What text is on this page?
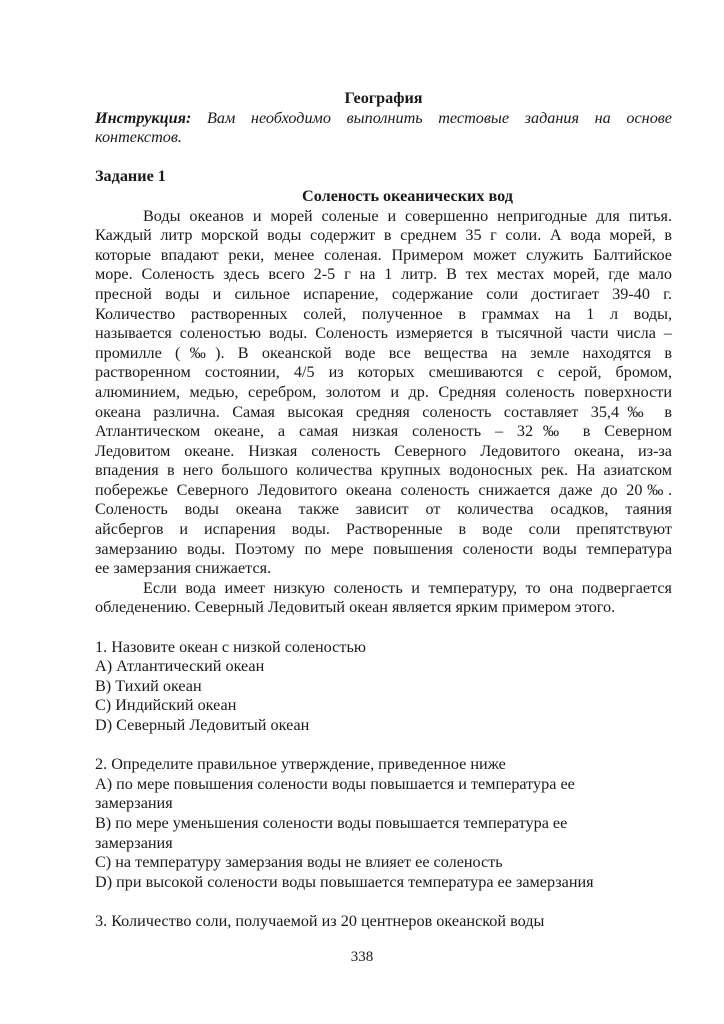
География
Инструкция: Вам необходимо выполнить тестовые задания на основе
контекстов.
Задание 1
Соленость океанических вод
Воды океанов и морей соленые и совершенно непригодные для питья.
Каждый литр морской воды содержит в среднем 35 г соли. А вода морей, в
которые впадают реки, менее соленая. Примером может служить Балтийское
море. Соленость здесь всего 2-5 г на 1 литр. В тех местах морей, где мало
пресной воды и сильное испарение, содержание соли достигает 39-40 г.
Количество растворенных солей, полученное в граммах на 1 л воды,
называется соленостью воды. Соленость измеряется в тысячной части числа –
промилле (‰). В океанской воде все вещества на земле находятся в
растворенном состоянии, 4/5 из которых смешиваются с серой, бромом,
алюминием, медью, серебром, золотом и др. Средняя соленость поверхности
океана различна. Самая высокая средняя соленость составляет 35,4‰ в
Атлантическом океане, а самая низкая соленость – 32‰ в Северном
Ледовитом океане. Низкая соленость Северного Ледовитого океана, из-за
впадения в него большого количества крупных водоносных рек. На азиатском
побережье Северного Ледовитого океана соленость снижается даже до 20‰.
Соленость воды океана также зависит от количества осадков, таяния
айсбергов и испарения воды. Растворенные в воде соли препятствуют
замерзанию воды. Поэтому по мере повышения солености воды температура
ее замерзания снижается.
Если вода имеет низкую соленость и температуру, то она подвергается
обледенению. Северный Ледовитый океан является ярким примером этого.
1. Назовите океан с низкой соленостью
A) Атлантический океан
B) Тихий океан
C) Индийский океан
D) Северный Ледовитый океан
2. Определите правильное утверждение, приведенное ниже
A) по мере повышения солености воды повышается и температура ее
замерзания
B) по мере уменьшения солености воды повышается температура ее
замерзания
C) на температуру замерзания воды не влияет ее соленость
D) при высокой солености воды повышается температура ее замерзания
3. Количество соли, получаемой из 20 центнеров океанской воды
338
